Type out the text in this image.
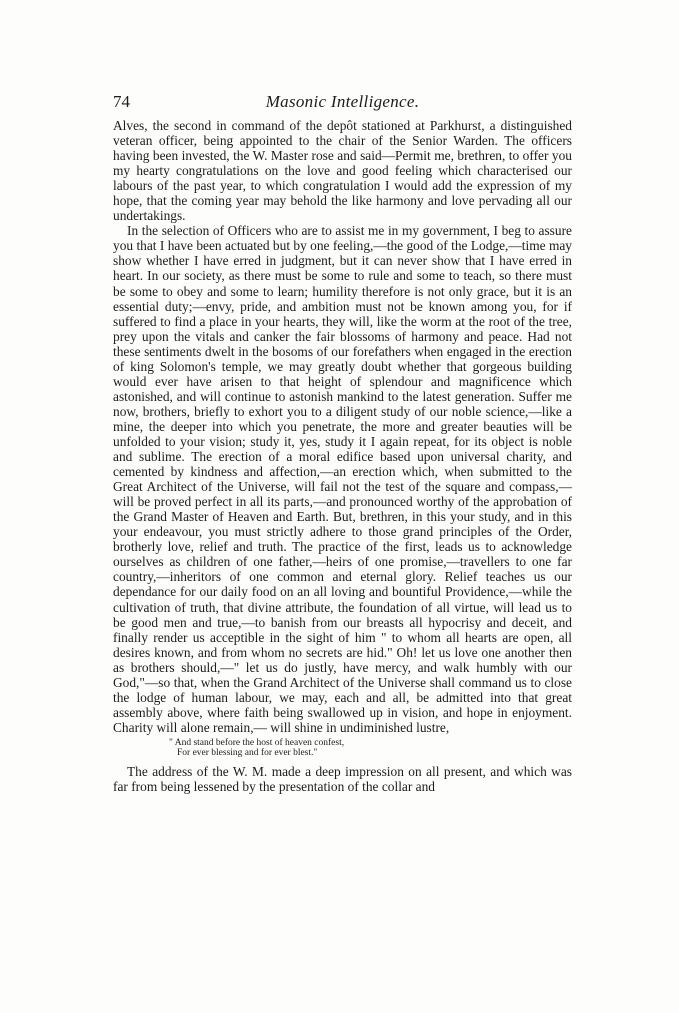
74	Masonic Intelligence.

Alves, the second in command of the depôt stationed at Parkhurst, a distinguished veteran officer, being appointed to the chair of the Senior Warden. The officers having been invested, the W. Master rose and said—Permit me, brethren, to offer you my hearty congratulations on the love and good feeling which characterised our labours of the past year, to which congratulation I would add the expression of my hope, that the coming year may behold the like harmony and love pervading all our undertakings.

In the selection of Officers who are to assist me in my government, I beg to assure you that I have been actuated but by one feeling,—the good of the Lodge,—time may show whether I have erred in judgment, but it can never show that I have erred in heart. In our society, as there must be some to rule and some to teach, so there must be some to obey and some to learn; humility therefore is not only grace, but it is an essential duty;—envy, pride, and ambition must not be known among you, for if suffered to find a place in your hearts, they will, like the worm at the root of the tree, prey upon the vitals and canker the fair blossoms of harmony and peace. Had not these sentiments dwelt in the bosoms of our forefathers when engaged in the erection of king Solomon's temple, we may greatly doubt whether that gorgeous building would ever have arisen to that height of splendour and magnificence which astonished, and will continue to astonish mankind to the latest generation. Suffer me now, brothers, briefly to exhort you to a diligent study of our noble science,—like a mine, the deeper into which you penetrate, the more and greater beauties will be unfolded to your vision; study it, yes, study it I again repeat, for its object is noble and sublime. The erection of a moral edifice based upon universal charity, and cemented by kindness and affection,—an erection which, when submitted to the Great Architect of the Universe, will fail not the test of the square and compass,—will be proved perfect in all its parts,—and pronounced worthy of the approbation of the Grand Master of Heaven and Earth. But, brethren, in this your study, and in this your endeavour, you must strictly adhere to those grand principles of the Order, brotherly love, relief and truth. The practice of the first, leads us to acknowledge ourselves as children of one father,—heirs of one promise,—travellers to one far country,—inheritors of one common and eternal glory. Relief teaches us our dependance for our daily food on an all loving and bountiful Providence,—while the cultivation of truth, that divine attribute, the foundation of all virtue, will lead us to be good men and true,—to banish from our breasts all hypocrisy and deceit, and finally render us acceptible in the sight of him " to whom all hearts are open, all desires known, and from whom no secrets are hid." Oh! let us love one another then as brothers should,—" let us do justly, have mercy, and walk humbly with our God,"—so that, when the Grand Architect of the Universe shall command us to close the lodge of human labour, we may, each and all, be admitted into that great assembly above, where faith being swallowed up in vision, and hope in enjoyment. Charity will alone remain,— will shine in undiminished lustre,

" And stand before the host of heaven confest,
For ever blessing and for ever blest."

The address of the W. M. made a deep impression on all present, and which was far from being lessened by the presentation of the collar and
